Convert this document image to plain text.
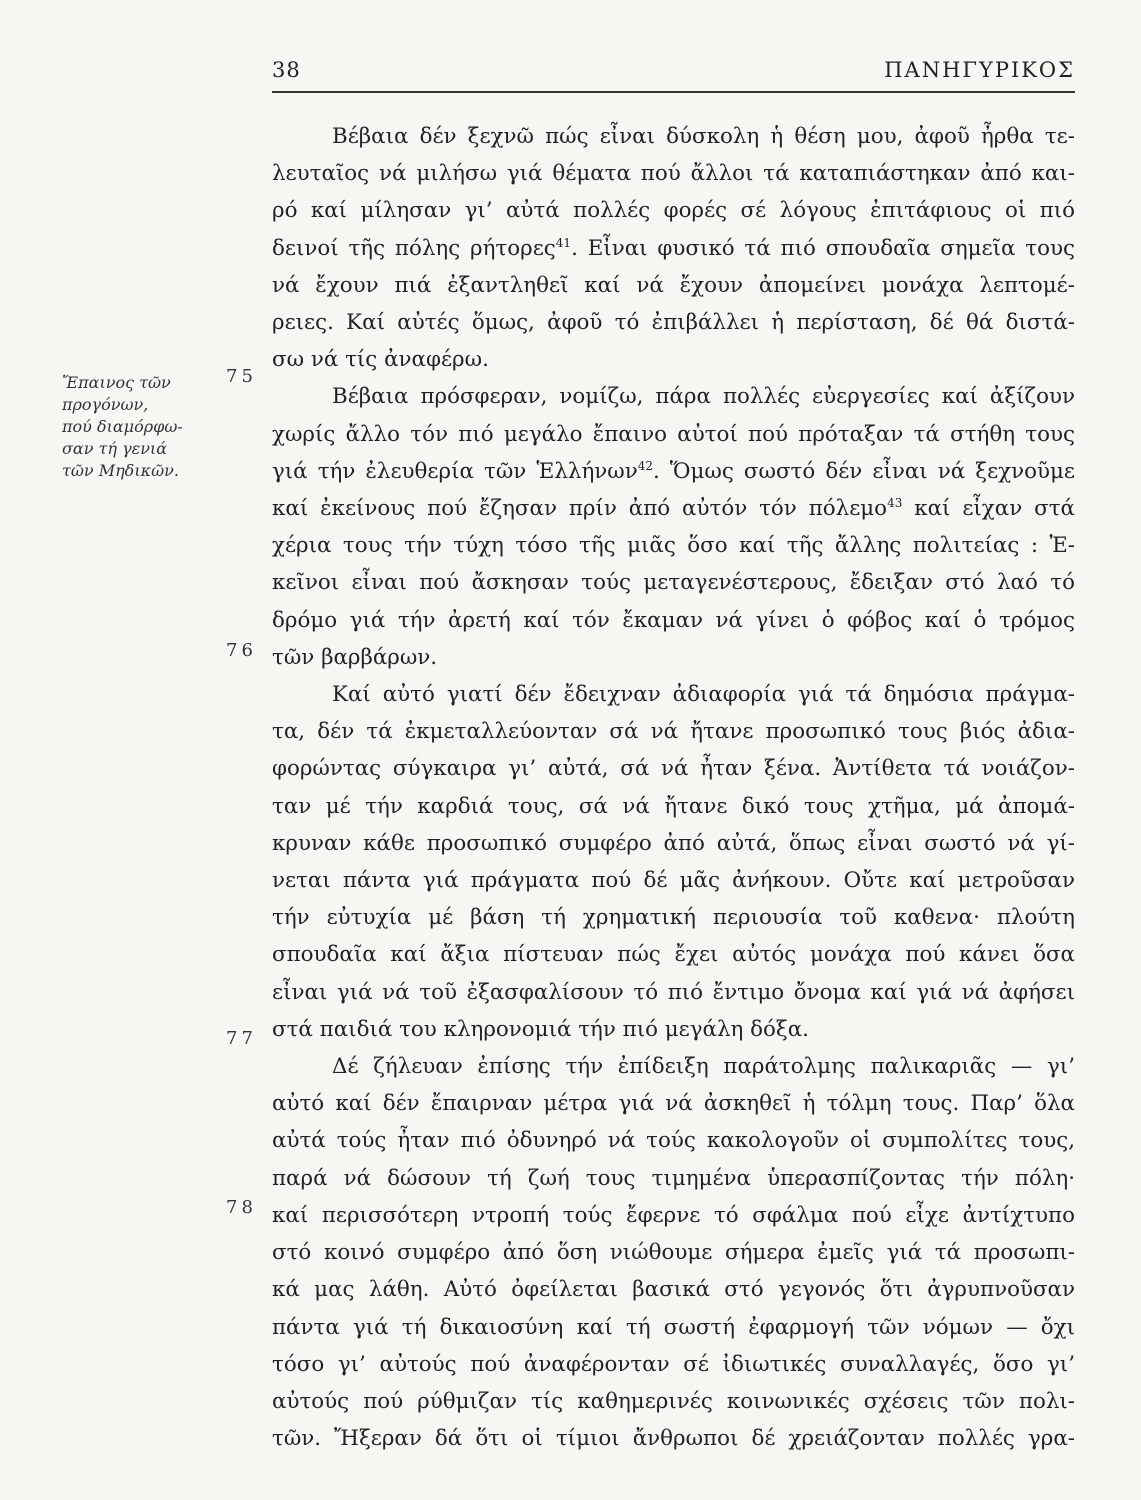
38	ΠΑΝΗΓΥΡΙΚΟΣ
Ἔπαινος τῶν
προγόνων,
πού διαμόρφω-
σαν τή γενιά
τῶν Μηδικῶν.
75
76
77
78
Βέβαια δέν ξεχνῶ πώς εἶναι δύσκολη ἡ θέση μου, ἀφοῦ ἦρθα τε-
λευταῖος νά μιλήσω γιά θέματα πού ἄλλοι τά καταπιάστηκαν ἀπό και-
ρό καί μίλησαν γι’ αὐτά πολλές φορές σέ λόγους ἐπιτάφιους οἱ πιό
δεινοί τῆς πόλης ρήτορες$^{41}$. Εἶναι φυσικό τά πιό σπουδαῖα σημεῖα τους
νά ἔχουν πιά ἐξαντληθεῖ καί νά ἔχουν ἀπομείνει μονάχα λεπτομέ-
ρειες. Καί αὐτές ὅμως, ἀφοῦ τό ἐπιβάλλει ἡ περίσταση, δέ θά διστά-
σω νά τίς ἀναφέρω.
Βέβαια πρόσφεραν, νομίζω, πάρα πολλές εὐεργεσίες καί ἀξίζουν
χωρίς ἄλλο τόν πιό μεγάλο ἔπαινο αὐτοί πού πρόταξαν τά στήθη τους
γιά τήν ἐλευθερία τῶν Ἑλλήνων$^{42}$. Ὅμως σωστό δέν εἶναι νά ξεχνοῦμε
καί ἐκείνους πού ἔζησαν πρίν ἀπό αὐτόν τόν πόλεμο$^{43}$ καί εἶχαν στά
χέρια τους τήν τύχη τόσο τῆς μιᾶς ὅσο καί τῆς ἄλλης πολιτείας : Ἐ-
κεῖνοι εἶναι πού ἄσκησαν τούς μεταγενέστερους, ἔδειξαν στό λαό τό
δρόμο γιά τήν ἀρετή καί τόν ἔκαμαν νά γίνει ὁ φόβος καί ὁ τρόμος
τῶν βαρβάρων.
Καί αὐτό γιατί δέν ἔδειχναν ἀδιαφορία γιά τά δημόσια πράγμα-
τα, δέν τά ἐκμεταλλεύονταν σά νά ἤτανε προσωπικό τους βιός ἀδια-
φορώντας σύγκαιρα γι’ αὐτά, σά νά ἦταν ξένα. Ἀντίθετα τά νοιάζον-
ταν μέ τήν καρδιά τους, σά νά ἤτανε δικό τους χτῆμα, μά ἀπομά-
κρυναν κάθε προσωπικό συμφέρο ἀπό αὐτά, ὅπως εἶναι σωστό νά γί-
νεται πάντα γιά πράγματα πού δέ μᾶς ἀνήκουν. Οὔτε καί μετροῦσαν
τήν εὐτυχία μέ βάση τή χρηματική περιουσία τοῦ καθενα· πλούτη
σπουδαῖα καί ἄξια πίστευαν πώς ἔχει αὐτός μονάχα πού κάνει ὅσα
εἶναι γιά νά τοῦ ἐξασφαλίσουν τό πιό ἔντιμο ὄνομα καί γιά νά ἀφήσει
στά παιδιά του κληρονομιά τήν πιό μεγάλη δόξα.
Δέ ζήλευαν ἐπίσης τήν ἐπίδειξη παράτολμης παλικαριᾶς — γι’
αὐτό καί δέν ἔπαιρναν μέτρα γιά νά ἀσκηθεῖ ἡ τόλμη τους. Παρ’ ὅλα
αὐτά τούς ἦταν πιό ὀδυνηρό νά τούς κακολογοῦν οἱ συμπολίτες τους,
παρά νά δώσουν τή ζωή τους τιμημένα ὑπερασπίζοντας τήν πόλη·
καί περισσότερη ντροπή τούς ἔφερνε τό σφάλμα πού εἶχε ἀντίχτυπο
στό κοινό συμφέρο ἀπό ὅση νιώθουμε σήμερα ἐμεῖς γιά τά προσωπι-
κά μας λάθη. Αὐτό ὀφείλεται βασικά στό γεγονός ὅτι ἀγρυπνοῦσαν
πάντα γιά τή δικαιοσύνη καί τή σωστή ἐφαρμογή τῶν νόμων — ὄχι
τόσο γι’ αὐτούς πού ἀναφέρονταν σέ ἰδιωτικές συναλλαγές, ὅσο γι’
αὐτούς πού ρύθμιζαν τίς καθημερινές κοινωνικές σχέσεις τῶν πολι-
τῶν. Ἤξεραν δά ὅτι οἱ τίμιοι ἄνθρωποι δέ χρειάζονταν πολλές γρα-
